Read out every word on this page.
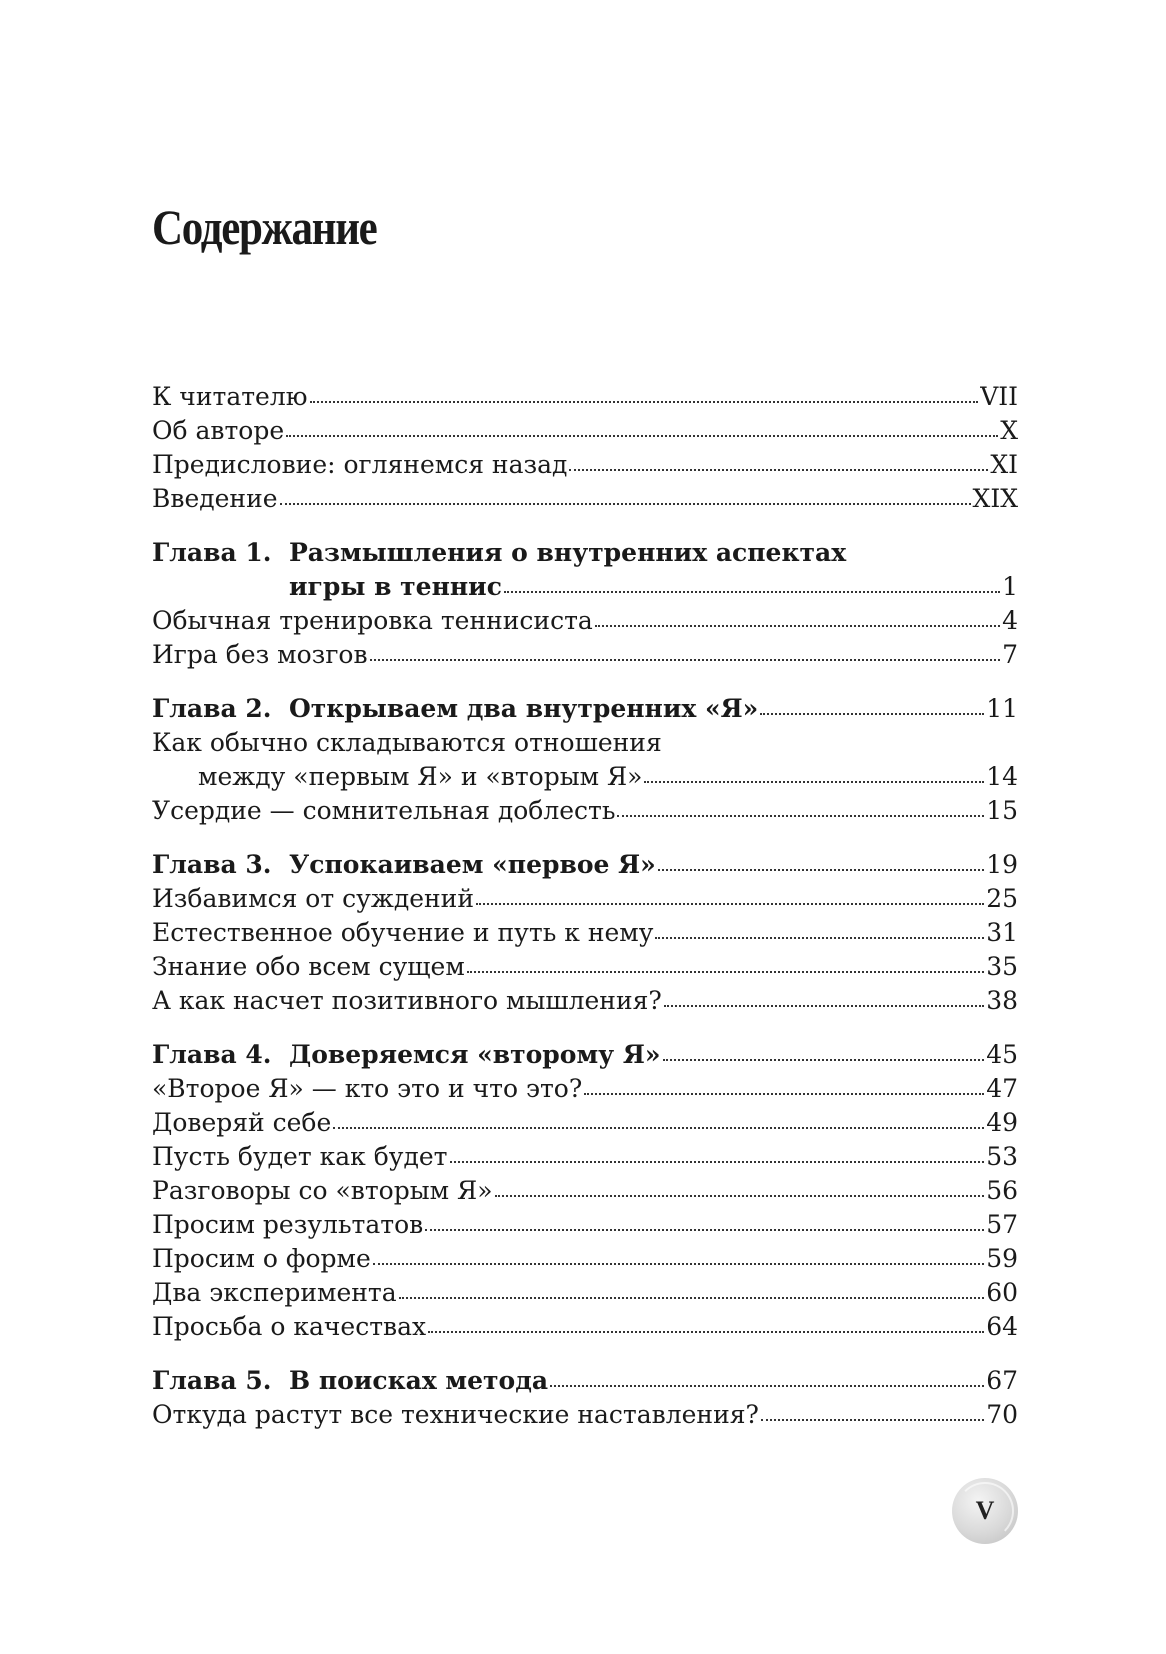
Содержание
К читателю	VII
Об авторе	X
Предисловие: оглянемся назад	XI
Введение	XIX
Глава 1. Размышления о внутренних аспектах
игры в теннис	1
Обычная тренировка теннисиста	4
Игра без мозгов	7
Глава 2. Открываем два внутренних «Я»	11
Как обычно складываются отношения
между «первым Я» и «вторым Я»	14
Усердие — сомнительная доблесть	15
Глава 3. Успокаиваем «первое Я»	19
Избавимся от суждений	25
Естественное обучение и путь к нему	31
Знание обо всем сущем	35
А как насчет позитивного мышления?	38
Глава 4. Доверяемся «второму Я»	45
«Второе Я» — кто это и что это?	47
Доверяй себе	49
Пусть будет как будет	53
Разговоры со «вторым Я»	56
Просим результатов	57
Просим о форме	59
Два эксперимента	60
Просьба о качествах	64
Глава 5. В поисках метода	67
Откуда растут все технические наставления?	70
V
